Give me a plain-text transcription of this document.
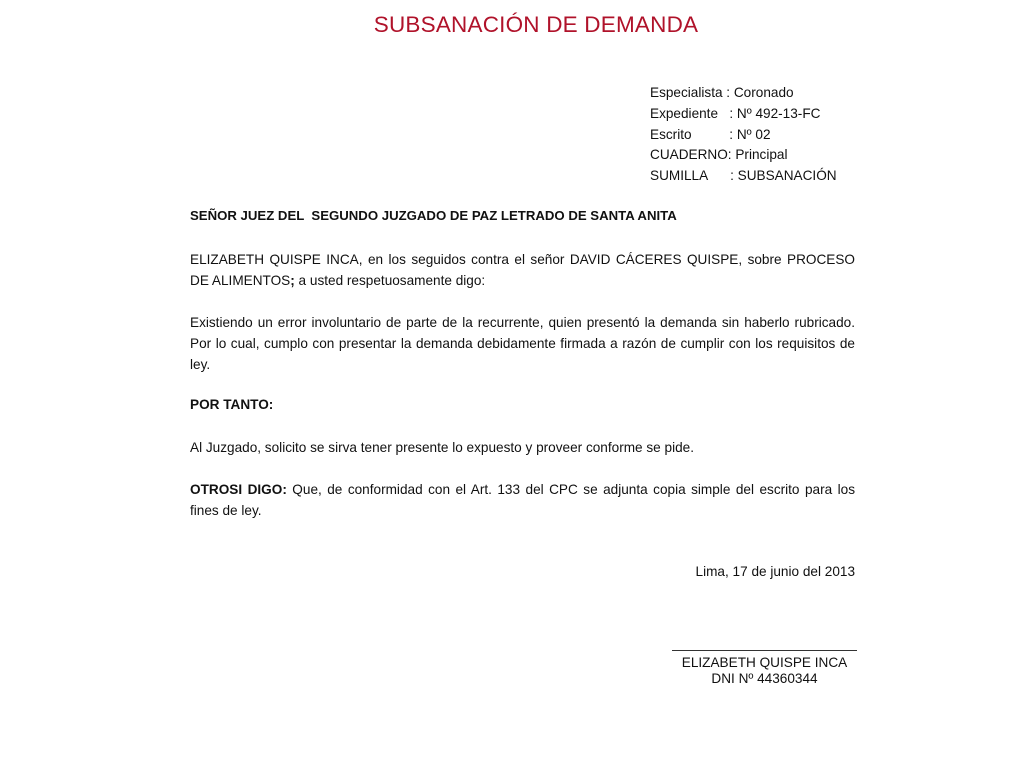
SUBSANACIÓN DE DEMANDA
Especialista : Coronado
Expediente   : Nº 492-13-FC
Escrito          : Nº 02
CUADERNO: Principal
SUMILLA      : SUBSANACIÓN

SEÑOR JUEZ DEL  SEGUNDO JUZGADO DE PAZ LETRADO DE SANTA ANITA

ELIZABETH QUISPE INCA, en los seguidos contra el señor DAVID CÁCERES QUISPE, sobre PROCESO DE ALIMENTOS; a usted respetuosamente digo:

Existiendo un error involuntario de parte de la recurrente, quien presentó la demanda sin haberlo rubricado. Por lo cual, cumplo con presentar la demanda debidamente firmada a razón de cumplir con los requisitos de ley.

POR TANTO:

Al Juzgado, solicito se sirva tener presente lo expuesto y proveer conforme se pide.

OTROSI DIGO: Que, de conformidad con el Art. 133 del CPC se adjunta copia simple del escrito para los fines de ley.

Lima, 17 de junio del 2013

ELIZABETH QUISPE INCA
DNI Nº 44360344
